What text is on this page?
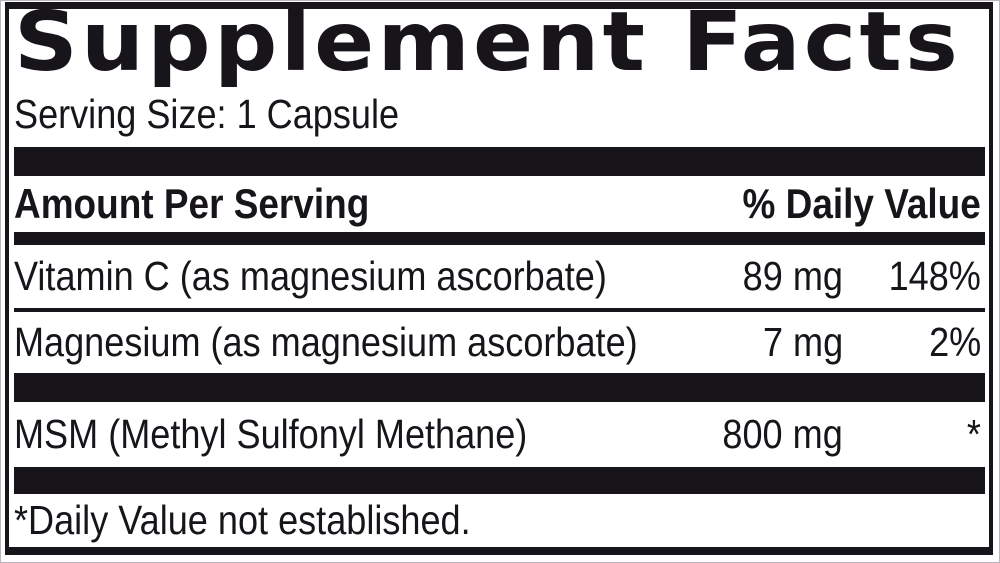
Supplement Facts
Serving Size: 1 Capsule
Amount Per Serving	% Daily Value
Vitamin C (as magnesium ascorbate)	89 mg	148%
Magnesium (as magnesium ascorbate)	7 mg	2%
MSM (Methyl Sulfonyl Methane)	800 mg	*
*Daily Value not established.
